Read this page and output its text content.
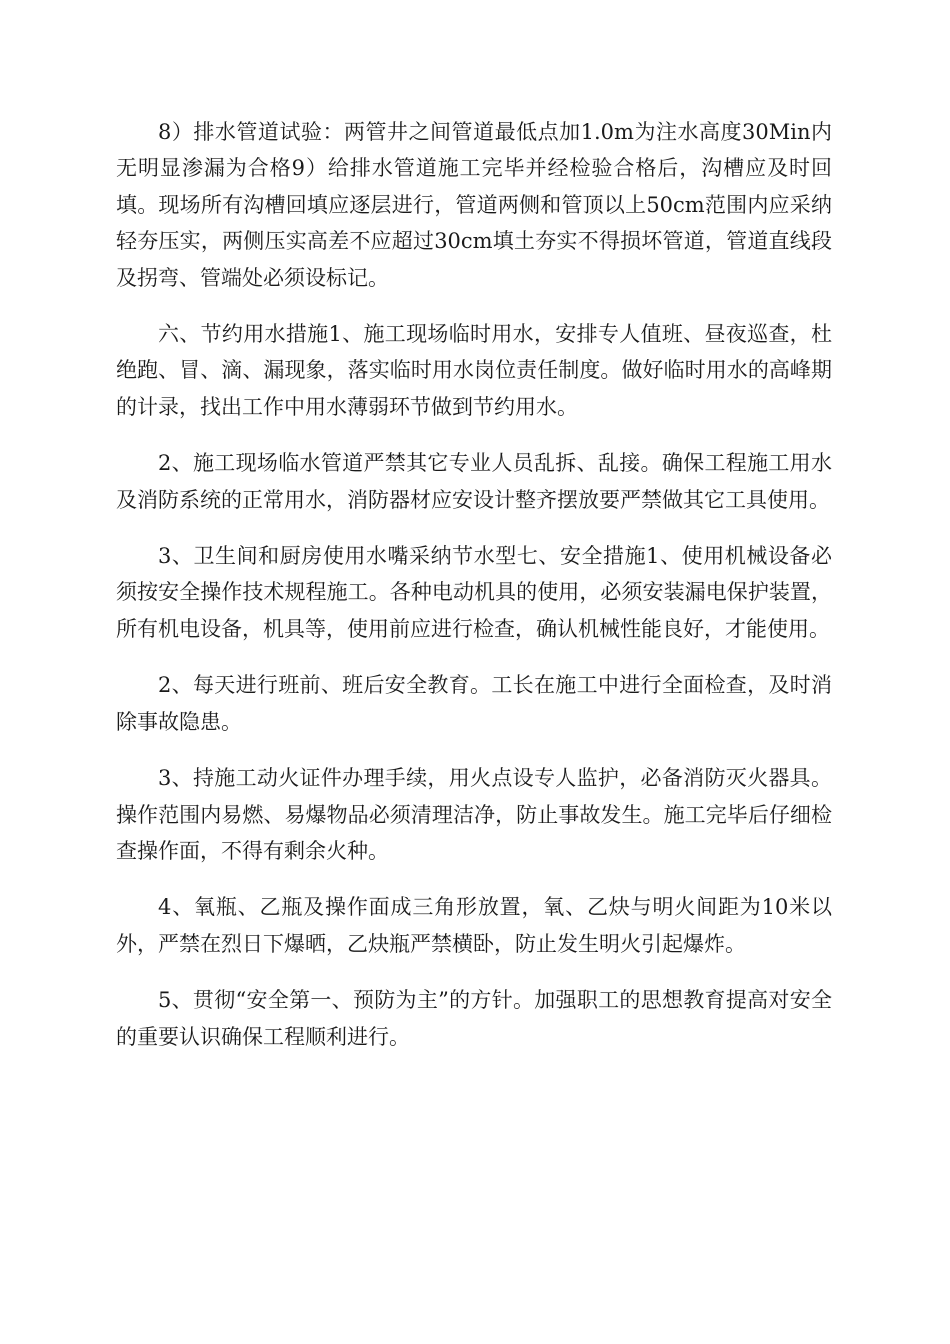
8）排水管道试验：两管井之间管道最低点加1.0m为注水高度30Min内无明显渗漏为合格9）给排水管道施工完毕并经检验合格后，沟槽应及时回填。现场所有沟槽回填应逐层进行，管道两侧和管顶以上50cm范围内应采纳轻夯压实，两侧压实高差不应超过30cm填土夯实不得损坏管道，管道直线段及拐弯、管端处必须设标记。

六、节约用水措施1、施工现场临时用水，安排专人值班、昼夜巡查，杜绝跑、冒、滴、漏现象，落实临时用水岗位责任制度。做好临时用水的高峰期的计录，找出工作中用水薄弱环节做到节约用水。

2、施工现场临水管道严禁其它专业人员乱拆、乱接。确保工程施工用水及消防系统的正常用水，消防器材应安设计整齐摆放要严禁做其它工具使用。

3、卫生间和厨房使用水嘴采纳节水型七、安全措施1、使用机械设备必须按安全操作技术规程施工。各种电动机具的使用，必须安装漏电保护装置，所有机电设备，机具等，使用前应进行检查，确认机械性能良好，才能使用。

2、每天进行班前、班后安全教育。工长在施工中进行全面检查，及时消除事故隐患。

3、持施工动火证件办理手续，用火点设专人监护，必备消防灭火器具。操作范围内易燃、易爆物品必须清理洁净，防止事故发生。施工完毕后仔细检查操作面，不得有剩余火种。

4、氧瓶、乙瓶及操作面成三角形放置，氧、乙炔与明火间距为10米以外，严禁在烈日下爆晒，乙炔瓶严禁横卧，防止发生明火引起爆炸。

5、贯彻“安全第一、预防为主”的方针。加强职工的思想教育提高对安全的重要认识确保工程顺利进行。
